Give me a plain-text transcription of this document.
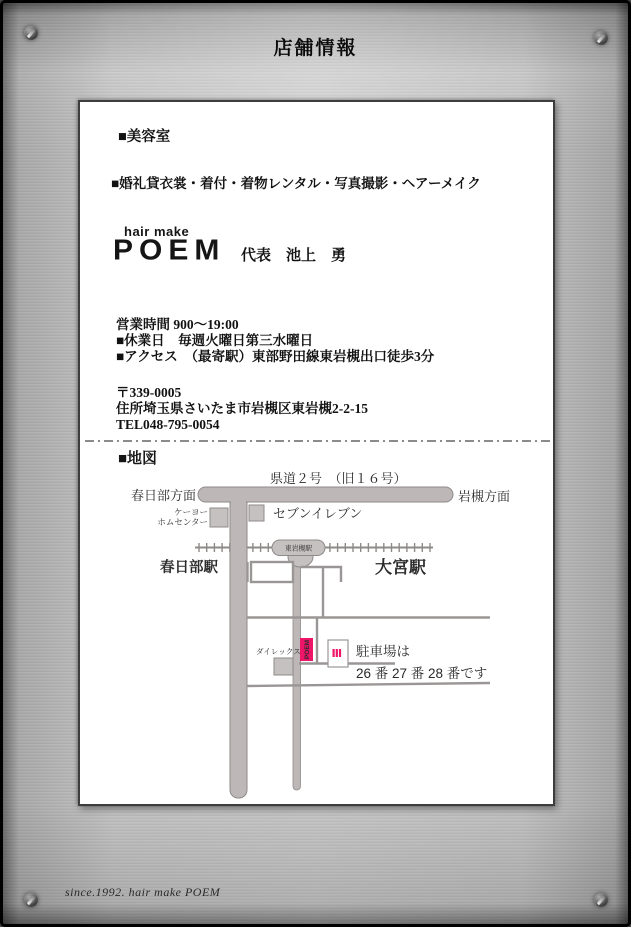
店舗情報
■美容室
■婚礼貸衣裳・着付・着物レンタル・写真撮影・ヘアーメイク
hair make
POEM 代表　池上　勇
営業時間 900～19:00
■休業日　毎週火曜日第三水曜日
■アクセス　（最寄駅）東部野田線東岩槻出口徒歩3分
〒339-0005
住所埼玉県さいたま市岩槻区東岩槻2-2-15
TEL048-795-0054
■地図
POEM
県道２号　（旧１６号）
春日部方面	岩槻方面
ケーヨー
ホムセンター
セブンイレブン
東岩槻駅
春日部駅	大宮駅
ダイレックス	駐車場は
26 番 27 番 28 番です
since.1992. hair make POEM
